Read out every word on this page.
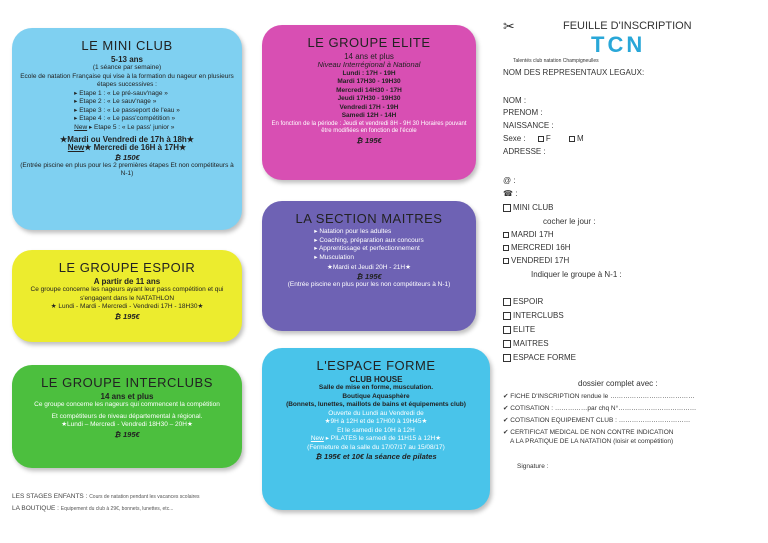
LE MINI CLUB
5-13 ans
(1 séance par semaine)
Ecole de natation Française qui vise à la formation du nageur en plusieurs étapes successives :
▸ Etape 1 : « Le pré-sauv'nage »
▸ Etape 2 : « Le sauv'nage »
▸ Etape 3 : « Le passeport de l'eau »
▸ Etape 4 : « Le pass'compétition »
New ▸ Etape 5 : « Le pass' junior »
★Mardi ou Vendredi de 17h à 18h★
New★ Mercredi de 16H à 17H★
₿ 150€
(Entrée piscine en plus pour les 2 premières étapes Et non compétiteurs à N-1)
LE GROUPE ESPOIR
A partir de 11 ans
Ce groupe concerne les nageurs ayant leur pass compétition et qui s'engagent dans le NATATHLON
★ Lundi - Mardi - Mercredi - Vendredi 17H - 18H30★
₿ 195€
LE GROUPE INTERCLUBS
14 ans et plus
Ce groupe concerne les nageurs qui commencent la compétition
Et compétiteurs de niveau départemental à régional.
★Lundi – Mercredi - Vendredi 18H30 – 20H★
₿ 195€
LE GROUPE ELITE
14 ans et plus
Niveau Interrégional à National
Lundi : 17H - 19H
Mardi 17H30 - 19H30
Mercredi 14H30 - 17H
Jeudi 17H30 - 19H30
Vendredi 17H - 19H
Samedi 12H - 14H
En fonction de la période : Jeudi et vendredi 8H - 9H 30 Horaires pouvant être modifiées en fonction de l'école
₿ 195€
LA SECTION MAITRES
▸ Natation pour les adultes
▸ Coaching, préparation aux concours
▸ Apprentissage et perfectionnement
▸ Musculation
★Mardi et Jeudi 20H - 21H★
₿ 195€
(Entrée piscine en plus pour les non compétiteurs à N-1)
L'ESPACE FORME
CLUB HOUSE
Salle de mise en forme, musculation.
Boutique Aquasphère
(Bonnets, lunettes, maillots de bains et équipements club)
Ouverte du Lundi au Vendredi de
★9H à 12H et de 17H00 à 19H45★
Et le samedi de 10H à 12H
New ▸ PILATES le samedi de 11H15 à 12H★
(Fermeture de la salle du 17/07/17 au 15/08/17)
₿ 195€ et 10€ la séance de pilates
LES STAGES ENFANTS : Cours de natation pendant les vacances scolaires
LA BOUTIQUE : Equipement du club à 29€, bonnets, lunettes, etc...
✂	FEUILLE D'INSCRIPTION
TCN
Talentés club natation Champigneulles
NOM DES REPRESENTAUX LEGAUX:
NOM :
PRENOM :
NAISSANCE :
Sexe :	F	M
ADRESSE :
@ :
☎ :
MINI CLUB
cocher le jour :
MARDI 17H
MERCREDI 16H
VENDREDI 17H
Indiquer le groupe à N-1 :
ESPOIR
INTERCLUBS
ELITE
MAITRES
ESPACE FORME
dossier complet avec :
✔ FICHE D'INSCRIPTION rendue le …………………………………
✔ COTISATION : ……………par chq N°………………………………
✔ COTISATION EQUIPEMENT CLUB : ……………………………
✔ CERTIFICAT MEDICAL DE NON CONTRE INDICATION
A LA PRATIQUE DE LA NATATION (loisir et compétition)
Signature :
